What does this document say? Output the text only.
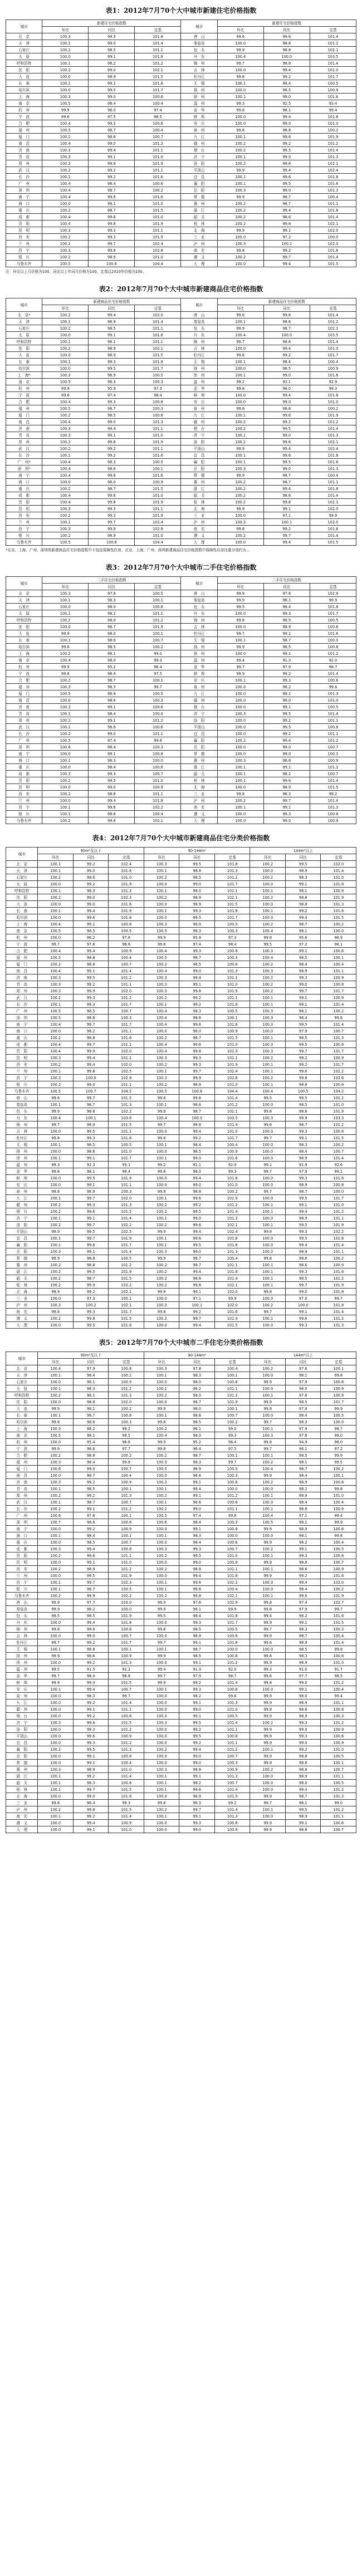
表1：2012年7月70个大中城市新建住宅价格指数
城市	新建住宅价格指数			城市	新建住宅价格指数		
	环比	同比	定基		环比	同比	定基
北　京	100.3	99.3	101.8	唐　山	99.6	99.6	101.4
天　津	100.1	99.0	101.4	秦皇岛	100.0	98.6	101.2
石家庄	100.2	98.5	101.1	包　头	99.9	98.8	102.1
太　原	100.0	99.1	101.8	丹　东	100.4	100.0	103.5
呼和浩特	100.1	98.2	101.2	锦　州	99.7	98.8	101.4
沈　阳	100.2	99.0	102.1	吉　林	100.0	99.4	101.0
大　连	100.0	98.9	101.5	牡丹江	99.8	99.2	101.7
长　春	100.1	99.3	101.8	无　锡	100.1	98.4	100.5
哈尔滨	100.0	99.5	101.7	扬　州	100.0	98.5	100.9
上　海	100.3	99.0	100.6	徐　州	100.1	99.0	101.6
南　京	100.5	98.4	100.4	温　州	99.3	92.5	93.4
杭　州	99.9	96.0	97.4	金　华	99.8	98.1	99.4
宁　波	99.6	97.5	98.5	蚌　埠	100.0	99.4	101.8
合　肥	100.4	99.3	100.8	安　庆	100.0	99.0	101.0
福　州	100.5	98.7	100.4	泉　州	99.8	98.8	100.2
厦　门	100.2	98.6	100.7	九　江	100.1	99.6	101.9
南　昌	100.4	99.0	101.3	赣　州	100.2	99.2	101.2
济　南	100.3	99.4	101.1	烟　台	100.2	99.5	101.4
青　岛	100.3	99.1	101.0	济　宁	100.1	99.0	101.3
郑　州	100.3	99.8	101.9	洛　阳	100.2	99.6	102.1
武　汉	100.2	99.2	101.1	平顶山	99.9	99.4	102.4
长　沙	100.1	99.2	101.6	宜　昌	100.1	99.6	101.8
广　州	100.4	98.4	100.6	襄　阳	100.1	99.5	101.6
深　圳	100.4	98.7	100.2	岳　阳	100.3	99.0	101.3
南　宁	100.4	99.6	101.6	常　德	99.9	98.7	100.4
海　口	100.0	98.1	101.0	惠　州	100.2	98.7	101.1
重　庆	100.2	98.7	101.5	湛　江	100.2	99.4	101.8
成　都	100.4	99.6	101.0	韶　关	100.2	98.6	101.4
贵　阳	100.4	99.8	101.9	桂　林	100.2	99.8	102.1
昆　明	100.3	99.3	101.1	北　海	99.9	99.1	102.0
西　安	100.2	99.3	101.9	三　亚	100.0	97.2	100.0
兰　州	100.1	99.7	102.4	泸　州	100.3	100.1	102.0
西　宁	100.3	99.9	102.8	南　充	99.8	99.2	101.6
银　川	100.2	98.9	101.0	遵　义	100.2	99.7	101.4
乌鲁木齐	100.5	100.6	104.4	大　理	100.0	99.4	101.5
注：环比以上月价格为100，同比以上年同月价格为100，定基以2010年价格为100。
表2：2012年7月70个大中城市新建商品住宅价格指数
城市	新建商品住宅价格指数			城市	新建商品住宅价格指数		
	环比	同比	定基		环比	同比	定基
北　京*	100.2	99.4	102.0	唐　山	99.6	99.6	101.4
天　津	100.1	98.9	101.4	秦皇岛	100.1	98.6	101.2
石家庄	100.2	98.5	101.1	包　头	99.9	98.7	102.1
太　原	100.0	99.1	101.8	丹　东	100.4	100.0	103.5
呼和浩特	100.1	98.1	101.1	锦　州	99.7	98.8	101.4
沈　阳	100.2	98.9	102.1	吉　林	100.0	99.4	101.0
大　连	100.0	98.9	101.5	牡丹江	99.8	99.2	101.7
长　春	100.1	99.3	101.8	无　锡	100.1	98.4	100.4
哈尔滨	100.0	99.5	101.7	扬　州	100.0	98.5	100.9
上　海*	100.3	98.9	100.5	徐　州	100.1	99.0	101.6
南　京	100.5	98.3	100.3	温　州	99.2	92.1	92.9
杭　州	99.9	95.9	97.3	金　华	99.8	98.0	99.3
宁　波	99.6	97.4	98.4	蚌　埠	100.0	99.4	101.8
合　肥	100.4	99.3	100.8	安　庆	100.0	99.0	101.0
福　州	100.5	98.7	100.3	泉　州	99.8	98.8	100.2
厦　门	100.2	98.5	100.6	九　江	100.1	99.6	101.9
南　昌	100.4	99.0	101.3	赣　州	100.2	99.2	101.2
济　南	100.3	99.4	101.1	烟　台	100.2	99.5	101.4
青　岛	100.3	99.1	101.0	济　宁	100.1	99.0	101.3
郑　州	100.3	99.8	101.9	洛　阳	100.2	99.6	102.1
武　汉	100.2	99.2	101.1	平顶山	99.9	99.4	102.4
长　沙	100.1	99.2	101.6	宜　昌	100.1	99.6	101.8
广　州*	100.4	98.3	100.5	襄　阳	100.1	99.5	101.6
深　圳*	100.4	98.6	100.1	岳　阳	100.3	99.0	101.3
南　宁	100.4	99.6	101.6	常　德	99.9	98.7	100.4
海　口	100.0	98.0	100.9	惠　州	100.2	98.7	101.1
重　庆	100.2	98.7	101.5	湛　江	100.2	99.4	101.8
成　都	100.4	99.6	101.0	韶　关	100.2	98.6	101.4
贵　阳	100.4	99.8	101.9	桂　林	100.2	99.8	102.1
昆　明	100.3	99.3	101.1	北　海	99.9	99.1	102.0
西　安	100.2	99.3	101.9	三　亚	100.0	97.1	99.9
兰　州	100.1	99.7	102.4	泸　州	100.3	100.1	102.0
西　宁	100.3	99.9	102.8	南　充	99.8	99.2	101.6
银　川	100.2	98.9	101.0	遵　义	100.2	99.7	101.4
乌鲁木齐	100.5	100.6	104.4	大　理	100.0	99.4	101.5
*北京、上海、广州、深圳的新建商品住宅价格指数中不包括保障性住房，北京、上海、广州、深圳新建商品住宅价格指数中保障性住房比重分别约为…
表3：2012年7月70个大中城市二手住宅价格指数
城市	二手住宅价格指数			城市	二手住宅价格指数		
	环比	同比	定基		环比	同比	定基
北　京	100.3	97.8	100.5	唐　山	99.9	97.6	102.9
天　津	100.1	98.3	100.1	秦皇岛	99.9	98.1	99.9
石家庄	100.0	98.0	100.8	包　头	99.5	98.4	101.8
太　原	100.1	98.2	101.1	丹　东	100.0	99.3	101.7
呼和浩特	100.2	98.0	101.2	锦　州	99.8	98.5	100.5
沈　阳	100.0	98.7	101.9	吉　林	100.0	98.9	100.6
大　连	99.9	98.0	100.1	牡丹江	99.7	99.1	101.6
长　春	100.1	98.6	100.7	无　锡	100.1	98.7	100.0
哈尔滨	99.8	98.5	100.2	扬　州	99.9	98.5	100.8
上　海	100.2	98.1	99.0	徐　州	100.0	99.1	101.2
南　京	100.4	98.0	99.3	温　州	99.4	91.3	92.0
杭　州	99.9	95.2	96.4	金　华	99.7	97.9	98.7
宁　波	99.8	96.4	97.5	蚌　埠	99.9	99.2	101.4
合　肥	100.2	98.7	100.1	安　庆	100.1	99.3	100.6
福　州	100.3	98.3	99.7	泉　州	100.0	98.2	99.6
厦　门	100.5	98.9	100.5	九　江	100.0	99.1	101.3
南　昌	100.0	98.6	100.3	赣　州	100.0	99.0	101.0
济　南	100.3	99.1	100.8	烟　台	100.0	99.1	100.5
青　岛	100.1	98.4	100.0	济　宁	100.3	99.5	101.4
郑　州	100.2	99.1	101.2	洛　阳	100.0	99.2	101.1
武　汉	100.1	98.6	100.6	平顶山	100.0	99.5	100.8
长　沙	100.2	99.0	101.1	宜　昌	100.0	99.2	101.1
广　州	100.5	97.4	99.8	襄　阳	100.2	99.4	101.2
深　圳	100.6	98.4	100.3	岳　阳	100.0	99.0	100.7
南　宁	100.0	99.1	100.8	常　德	100.0	99.0	100.3
海　口	100.1	98.3	100.0	惠　州	100.3	98.8	100.9
重　庆	100.0	98.4	100.6	湛　江	100.1	99.1	101.3
成　都	100.3	99.3	100.7	韶　关	100.1	98.2	100.7
贵　阳	100.2	99.5	101.0	桂　林	100.1	99.6	101.4
昆　明	100.0	99.0	100.9	北　海	100.0	98.9	101.5
西　安	100.2	98.8	101.1	三　亚	99.8	96.3	99.2
兰　州	100.0	99.4	101.8	泸　州	100.2	99.7	101.4
西　宁	100.1	99.6	102.2	南　充	100.1	99.1	101.3
银　川	100.1	98.6	100.4	遵　义	100.0	99.3	100.8
乌鲁木齐	100.2	99.8	102.1	大　理	100.0	99.0	100.9
表4：2012年7月70个大中城市新建商品住宅分类价格指数
城市	90m²及以下			90-144m²			144m²以上		
	环比	同比	定基	环比	同比	定基	环比	同比	定基
北　京	100.1	99.2	102.4	100.3	99.5	101.8	100.2	99.5	102.0
天　津	100.1	99.0	101.6	100.1	98.8	101.3	100.0	98.9	101.4
石家庄	100.2	98.6	101.0	100.2	98.5	101.2	100.2	98.3	101.0
太　原	100.0	99.2	101.9	100.0	99.0	101.7	100.0	99.1	101.8
呼和浩特	100.1	98.3	101.3	100.1	98.0	101.1	100.1	98.1	100.9
沈　阳	100.2	99.0	102.3	100.2	98.9	102.1	100.2	98.8	101.9
大　连	100.0	99.0	101.6	100.0	98.9	101.5	100.0	98.8	101.3
长　春	100.1	99.4	101.9	100.1	99.3	101.8	100.1	99.2	101.6
哈尔滨	100.0	99.6	101.8	100.0	99.5	101.7	100.0	99.4	101.5
上　海	100.4	99.1	100.8	100.3	98.9	100.5	100.2	98.7	100.2
南　京	100.5	98.5	100.5	100.5	98.3	100.3	100.4	98.1	100.0
杭　州	100.0	96.2	97.6	99.9	95.9	97.3	99.8	95.6	96.9
宁　波	99.7	97.6	98.6	99.6	97.4	98.4	99.5	97.2	98.1
合　肥	100.4	99.4	100.9	100.4	99.3	100.8	100.3	99.1	100.6
福　州	100.5	98.8	100.4	100.5	98.7	100.3	100.4	98.5	100.1
厦　门	100.2	98.6	100.7	100.2	98.5	100.6	100.2	98.4	100.4
南　昌	100.4	99.1	101.4	100.4	99.0	101.3	100.3	98.9	101.1
济　南	100.3	99.5	101.2	100.3	99.4	101.1	100.2	99.3	100.9
青　岛	100.3	99.2	101.1	100.3	99.1	101.0	100.2	99.0	100.8
郑　州	100.3	99.9	102.0	100.3	99.8	101.9	100.2	99.7	101.7
武　汉	100.2	99.3	101.2	100.2	99.2	101.1	100.1	99.1	100.9
长　沙	100.1	99.3	101.7	100.1	99.2	101.6	100.1	99.1	101.4
广　州	100.5	98.5	100.7	100.4	98.3	100.5	100.3	98.1	100.2
深　圳	100.5	98.8	100.3	100.4	98.6	100.1	100.3	98.4	99.8
南　宁	100.4	99.7	101.7	100.4	99.6	101.6	100.3	99.5	101.4
海　口	100.0	98.2	101.1	100.0	98.0	100.9	100.0	97.9	100.7
重　庆	100.2	98.8	101.6	100.2	98.7	101.5	100.1	98.5	101.3
成　都	100.4	99.7	101.1	100.4	99.6	101.0	100.3	99.5	100.8
贵　阳	100.4	99.9	102.0	100.4	99.8	101.9	100.3	99.7	101.7
昆　明	100.3	99.4	101.2	100.3	99.3	101.1	100.2	99.2	100.9
西　安	100.2	99.4	102.0	100.2	99.3	101.9	100.1	99.2	101.7
兰　州	100.1	99.8	102.5	100.1	99.7	102.4	100.1	99.6	102.2
西　宁	100.3	100.0	102.9	100.3	99.9	102.8	100.2	99.8	102.6
银　川	100.2	99.0	101.1	100.2	98.9	101.0	100.1	98.8	100.8
乌鲁木齐	100.5	100.7	104.5	100.5	100.6	104.4	100.4	100.5	104.2
唐　山	99.6	99.7	101.5	99.6	99.6	101.4	99.5	99.5	101.2
秦皇岛	100.1	98.7	101.3	100.1	98.6	101.2	100.0	98.5	101.0
包　头	99.9	98.8	102.2	99.9	98.7	102.1	99.8	98.6	101.9
丹　东	100.4	100.1	103.6	100.4	100.0	103.5	100.3	99.9	103.3
锦　州	99.7	98.9	101.5	99.7	98.8	101.4	99.6	98.7	101.2
吉　林	100.0	99.5	101.1	100.0	99.4	101.0	100.0	99.3	100.8
牡丹江	99.8	99.3	101.8	99.8	99.2	101.7	99.7	99.1	101.5
无　锡	100.1	98.5	100.5	100.1	98.4	100.4	100.0	98.3	100.2
扬　州	100.0	98.6	101.0	100.0	98.5	100.9	100.0	98.4	100.7
徐　州	100.1	99.1	101.7	100.1	99.0	101.6	100.0	98.9	101.4
温　州	99.3	92.3	93.1	99.2	92.1	92.9	99.1	91.9	92.6
金　华	99.8	98.1	99.4	99.8	98.0	99.3	99.7	97.9	99.1
蚌　埠	100.0	99.5	101.9	100.0	99.4	101.8	100.0	99.3	101.6
安　庆	100.0	99.1	101.1	100.0	99.0	101.0	100.0	98.9	100.8
泉　州	99.8	98.9	100.3	99.8	98.8	100.2	99.7	98.7	100.0
九　江	100.1	99.7	102.0	100.1	99.6	101.9	100.0	99.5	101.7
赣　州	100.2	99.3	101.3	100.2	99.2	101.2	100.1	99.1	101.0
烟　台	100.2	99.6	101.5	100.2	99.5	101.4	100.1	99.4	101.2
济　宁	100.1	99.1	101.4	100.1	99.0	101.3	100.0	98.9	101.1
洛　阳	100.2	99.7	102.2	100.2	99.6	102.1	100.1	99.5	101.9
平顶山	99.9	99.5	102.5	99.9	99.4	102.4	99.8	99.3	102.2
宜　昌	100.1	99.7	101.9	100.1	99.6	101.8	100.0	99.5	101.6
襄　阳	100.1	99.6	101.7	100.1	99.5	101.6	100.0	99.4	101.4
岳　阳	100.3	99.1	101.4	100.3	99.0	101.3	100.2	98.9	101.1
常　德	99.9	98.8	100.5	99.9	98.7	100.4	99.8	98.6	100.2
惠　州	100.2	98.8	101.2	100.2	98.7	101.1	100.1	98.6	100.9
湛　江	100.2	99.5	101.9	100.2	99.4	101.8	100.1	99.3	101.6
韶　关	100.2	98.7	101.5	100.2	98.6	101.4	100.1	98.5	101.2
桂　林	100.2	99.9	102.2	100.2	99.8	102.1	100.1	99.7	101.9
北　海	99.9	99.2	102.1	99.9	99.1	102.0	99.8	99.0	101.8
三　亚	100.0	97.3	100.1	100.0	97.1	99.9	100.0	97.0	99.7
泸　州	100.3	100.2	102.1	100.3	100.1	102.0	100.2	100.0	101.8
南　充	99.8	99.3	101.7	99.8	99.2	101.6	99.7	99.1	101.4
遵　义	100.2	99.8	101.5	100.2	99.7	101.4	100.1	99.6	101.2
大　理	100.0	99.5	101.6	100.0	99.4	101.5	100.0	99.3	101.3
表5：2012年7月70个大中城市二手住宅分类价格指数
城市	90m²及以下			90-144m²			144m²以上		
	环比	同比	定基	环比	同比	定基	环比	同比	定基
北　京	100.4	97.9	100.8	100.3	97.8	100.4	100.2	97.6	100.1
天　津	100.1	98.4	100.2	100.1	98.3	100.1	100.0	98.1	99.8
石家庄	100.0	98.1	100.9	100.0	98.0	100.8	99.9	97.9	100.6
太　原	100.1	98.3	101.2	100.1	98.2	101.1	100.0	98.0	100.9
呼和浩特	100.2	98.1	101.3	100.2	98.0	101.2	100.1	97.8	100.9
沈　阳	100.0	98.8	102.0	100.0	98.7	101.9	99.9	98.5	101.7
大　连	99.9	98.1	100.2	99.9	98.0	100.1	99.8	97.8	99.9
长　春	100.1	98.7	100.8	100.1	98.6	100.7	100.0	98.4	100.5
哈尔滨	99.8	98.6	100.3	99.8	98.5	100.2	99.7	98.3	100.0
上　海	100.3	98.2	99.2	100.2	98.1	99.0	100.1	97.9	98.7
南　京	100.5	98.1	99.5	100.4	98.0	99.3	100.3	97.8	99.0
杭　州	100.0	95.4	96.6	99.9	95.2	96.4	99.8	94.9	96.0
宁　波	99.9	96.6	97.7	99.8	96.4	97.5	99.7	96.1	97.2
合　肥	100.2	98.8	100.2	100.2	98.7	100.1	100.1	98.5	99.9
福　州	100.3	98.4	99.8	100.3	98.3	99.7	100.2	98.1	99.5
厦　门	100.6	99.0	100.7	100.5	98.9	100.5	100.4	98.7	100.2
南　昌	100.0	98.7	100.4	100.0	98.6	100.3	99.9	98.4	100.1
济　南	100.3	99.2	100.9	100.3	99.1	100.8	100.2	98.9	100.6
青　岛	100.1	98.5	100.1	100.1	98.4	100.0	100.0	98.2	99.8
郑　州	100.2	99.2	101.3	100.2	99.1	101.2	100.1	98.9	101.0
武　汉	100.1	98.7	100.7	100.1	98.6	100.6	100.0	98.4	100.4
长　沙	100.2	99.1	101.2	100.2	99.0	101.1	100.1	98.8	100.9
广　州	100.6	97.6	100.1	100.5	97.4	99.8	100.4	97.1	99.4
深　圳	100.7	98.6	100.6	100.6	98.4	100.3	100.5	98.1	99.9
南　宁	100.0	99.2	100.9	100.0	99.1	100.8	99.9	98.9	100.6
海　口	100.1	98.4	100.1	100.1	98.3	100.0	100.0	98.1	99.8
重　庆	100.0	98.5	100.7	100.0	98.4	100.6	99.9	98.2	100.4
成　都	100.3	99.4	100.8	100.3	99.3	100.7	100.2	99.1	100.5
贵　阳	100.2	99.6	101.1	100.2	99.5	101.0	100.1	99.3	100.8
昆　明	100.0	99.1	101.0	100.0	99.0	100.9	99.9	98.8	100.7
西　安	100.2	98.9	101.2	100.2	98.8	101.1	100.1	98.6	100.9
兰　州	100.0	99.5	101.9	100.0	99.4	101.8	99.9	99.2	101.6
西　宁	100.1	99.7	102.3	100.1	99.6	102.2	100.0	99.4	102.0
银　川	100.1	98.7	100.5	100.1	98.6	100.4	100.0	98.4	100.2
乌鲁木齐	100.2	99.9	102.2	100.2	99.8	102.1	100.1	99.6	101.9
唐　山	99.9	97.7	103.0	99.9	97.6	102.9	99.8	97.4	102.7
秦皇岛	99.9	98.2	100.0	99.9	98.1	99.9	99.8	97.9	99.7
包　头	99.5	98.5	101.9	99.5	98.4	101.8	99.4	98.2	101.6
丹　东	100.0	99.4	101.8	100.0	99.3	101.7	99.9	99.1	101.5
锦　州	99.8	98.6	100.6	99.8	98.5	100.5	99.7	98.3	100.3
吉　林	100.0	99.0	100.7	100.0	98.9	100.6	99.9	98.7	100.4
牡丹江	99.7	99.2	101.7	99.7	99.1	101.6	99.6	98.9	101.4
无　锡	100.1	98.8	100.1	100.1	98.7	100.0	100.0	98.5	99.8
扬　州	99.9	98.6	100.9	99.9	98.5	100.8	99.8	98.3	100.6
徐　州	100.0	99.2	101.3	100.0	99.1	101.2	99.9	98.9	101.0
温　州	99.5	91.5	92.2	99.4	91.3	92.0	99.3	91.0	91.7
金　华	99.7	98.0	98.8	99.7	97.9	98.7	99.6	97.7	98.5
蚌　埠	99.9	99.3	101.5	99.9	99.2	101.4	99.8	99.0	101.2
安　庆	100.1	99.4	100.7	100.1	99.3	100.6	100.0	99.1	100.4
泉　州	100.0	98.3	99.7	100.0	98.2	99.6	99.9	98.0	99.4
九　江	100.0	99.2	101.4	100.0	99.1	101.3	99.9	98.9	101.1
赣　州	100.0	99.1	101.1	100.0	99.0	101.0	99.9	98.8	100.8
烟　台	100.0	99.2	100.6	100.0	99.1	100.5	99.9	98.9	100.3
济　宁	100.3	99.6	101.5	100.3	99.5	101.4	100.2	99.3	101.2
洛　阳	100.0	99.3	101.2	100.0	99.2	101.1	99.9	99.0	100.9
平顶山	100.0	99.6	100.9	100.0	99.5	100.8	99.9	99.3	100.6
宜　昌	100.0	99.3	101.2	100.0	99.2	101.1	99.9	99.0	100.9
襄　阳	100.2	99.5	101.3	100.2	99.4	101.2	100.1	99.2	101.0
岳　阳	100.0	99.1	100.8	100.0	99.0	100.7	99.9	98.8	100.5
常　德	100.0	99.1	100.4	100.0	99.0	100.3	99.9	98.8	100.1
惠　州	100.3	98.9	101.0	100.3	98.8	100.9	100.2	98.6	100.7
湛　江	100.1	99.2	101.4	100.1	99.1	101.3	100.0	98.9	101.1
韶　关	100.1	98.3	100.8	100.1	98.2	100.7	100.0	98.0	100.5
桂　林	100.1	99.7	101.5	100.1	99.6	101.4	100.0	99.4	101.2
北　海	100.0	99.0	101.6	100.0	98.9	101.5	99.9	98.7	101.3
三　亚	99.8	96.4	99.3	99.8	96.3	99.2	99.7	96.1	99.0
泸　州	100.2	99.8	101.5	100.2	99.7	101.4	100.1	99.5	101.2
南　充	100.1	99.2	101.4	100.1	99.1	101.3	100.0	98.9	101.1
遵　义	100.0	99.4	100.9	100.0	99.3	100.8	99.9	99.1	100.6
大　理	100.0	99.1	101.0	100.0	99.0	100.9	99.9	98.8	100.7
